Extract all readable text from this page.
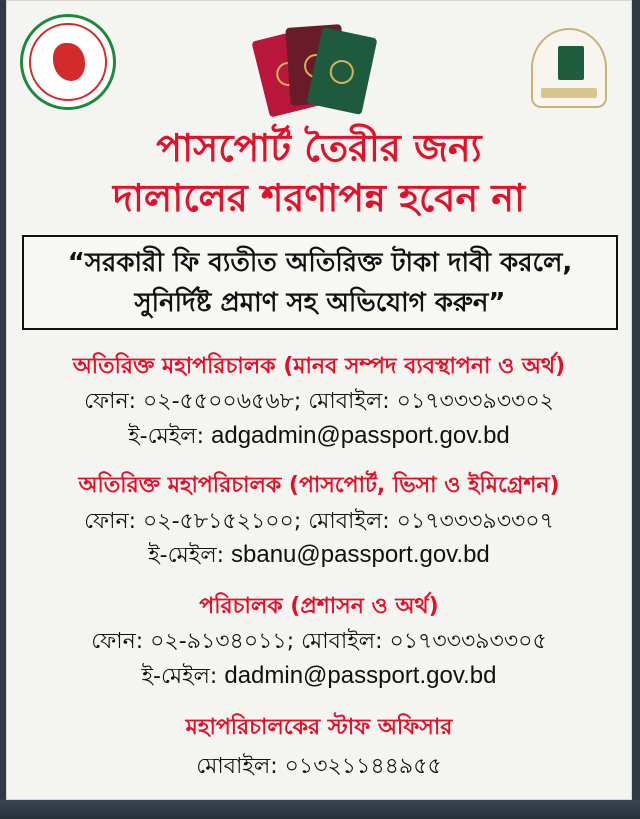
পাসপোর্ট তৈরীর জন্য
দালালের শরণাপন্ন হবেন না
“সরকারী ফি ব্যতীত অতিরিক্ত টাকা দাবী করলে,
সুনির্দিষ্ট প্রমাণ সহ অভিযোগ করুন”
অতিরিক্ত মহাপরিচালক (মানব সম্পদ ব্যবস্থাপনা ও অর্থ)
ফোন: ০২-৫৫০০৬৫৬৮; মোবাইল: ০১৭৩৩৩৯৩৩০২
ই-মেইল: adgadmin@passport.gov.bd
অতিরিক্ত মহাপরিচালক (পাসপোর্ট, ভিসা ও ইমিগ্রেশন)
ফোন: ০২-৫৮১৫২১০০; মোবাইল: ০১৭৩৩৩৯৩৩০৭
ই-মেইল: sbanu@passport.gov.bd
পরিচালক (প্রশাসন ও অর্থ)
ফোন: ০২-৯১৩৪০১১; মোবাইল: ০১৭৩৩৩৯৩৩০৫
ই-মেইল: dadmin@passport.gov.bd
মহাপরিচালকের স্টাফ অফিসার
মোবাইল: ০১৩২১১৪৪৯৫৫
